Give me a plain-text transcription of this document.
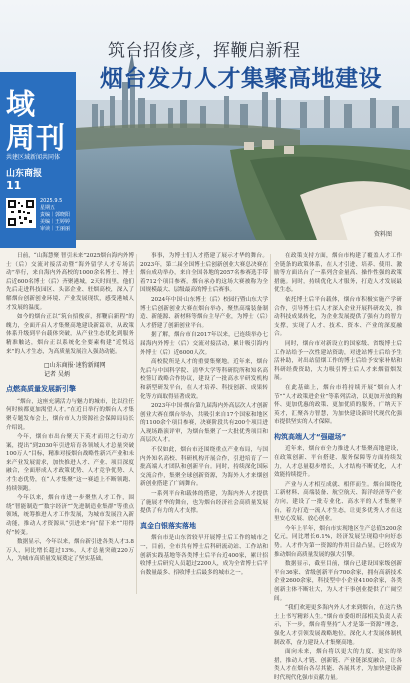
筑台招俊彦，挥鞭启新程
烟台发力人才集聚高地建设
资料图
域
周刊
共建区域新闻共同体
山东商报
11
2025.9.5
星期五
责编｜郭晓阳
美编｜王婷婷
审读｜王丽丽

日前，“山海慧聚 智引未来”2025烟台海内外博士（后）交流对接活动暨“海外留学人才专场活动”举行，来自海内外高校的1000余名博士、博士后近600名博士（后）齐聚港城，2天时间里，他们先后走进科技园区、头部企业、驻烟高校，深入了解烟台创新创业环境、产业发展现状，感受港城人才发展的温度。

如今的烟台正以“筑台招俊彦，挥鞭启新程”的魄力，全面开启人才集聚高地建设新篇章，从政策体系升级到平台载体突破，从产业生态优化到服务精准触达，烟台正以系统化全要素构建“近悦远来”的人才生态，为高质量发展注入强劲动能。

□山东商报·速豹新闻网
记者 吴炳
点燃高质量发展新引擎

“烟台，这座充满活力与魅力的城市，比以往任何时候都更加渴望人才。”在近日举行的烟台人才集聚专题发布会上，烟台市人力资源社会保障局局长介绍说。

今年，烟台市出台聚天下英才而用之行动方案，提出“到2030年引进培育各领域人才总量突破100万人”目标，精准对接烟台战略性新兴产业和未来产业发展需求，加快推进人才、产业、项目深度融合，全面形成人才政策优势、人才竞争优势、人才生态优势，在“人才集聚”这一赛道上不断领跑、持续领跑。

今年以来，烟台市进一步聚焦人才工作，围绕“智能制造”“数字经济”“先进制造业集群”等重点领域，统筹推进人才工作发展，为城市发展注入新动能，推动人才资源从“引进来”向“留下来”“用得好”转变。

数据显示，今年以来，烟台新引进各类人才3.8万人，同比增长超过13%，人才总量突破220万人，为城市高质量发展奠定了坚实基础。

事事，为博士们人才搭建了展示才华的舞台。2023年，第二届全国博士后创新创业大赛总决赛在烟台成功举办，来自全国各地的2057名参赛选手带着712个项目参赛，烟台承办的这场大赛被称为全国规模最大、层级最高的博士后赛事。

2024年中国·山东博士（后）校园行暨山东大学博士后创新创业大赛在烟台举办，聚焦高端装备制造、新能源、新材料等烟台主导产业，为博士（后）人才搭建了创新创业平台。

据了解，烟台市自2017年以来，已连续举办七届海内外博士（后）交流对接活动，累计吸引海内外博士（后）近6000人次。

高校院所是人才的重要集聚地。近年来，烟台先后与中国科学院、清华大学等科研院所和知名高校签订战略合作协议，建设了一批高水平研发机构和新型研发平台，在人才培养、科技创新、成果转化等方面取得显著成效。

2023年中国·烟台第九届海内外高层次人才创新创业大赛在烟台举办，共吸引来自17个国家和地区的1100余个项目参赛，决赛阶段共有200个项目进入现场路演评审，为烟台集聚了一大批优秀项目和高层次人才。

不仅如此，烟台市还围绕重点产业布局，与国内外知名高校、科研机构开展合作，引进培育了一批高端人才团队和创新平台。同时，持续深化国际交流合作，集聚全球创新资源，为海外人才来烟创新创业搭建了广阔舞台。

一系列平台和载体的搭建，为海内外人才提供了施展才华的舞台，也为烟台经济社会高质量发展提供了有力的人才支撑。

真金白银落实落地

烟台市是山东省较早开展博士后工作的城市之一，目前，全市共有博士后科研流动站、工作站和创新实践基地等各类博士后平台近400家，累计招收博士后研究人员超过2200人，成为全省博士后平台数量最多、招收博士后最多的城市之一。

在政策支持方面，烟台市构建了覆盖人才工作全链条的政策体系，在人才引进、培养、使用、激励等方面出台了一系列含金量高、操作性强的政策措施。同时，持续优化人才服务，打造人才发展最优生态。

依托博士后平台载体，烟台市积极实施产学研合作，引导博士后人才深入企业开展科研攻关，推动科技成果转化，为企业发展提供了强有力的智力支撑，实现了人才、技术、资本、产业的深度融合。

同时，烟台市对新设立的国家级、省级博士后工作站给予一次性建站资助，对进站博士后给予生活补助，对出站留烟工作的博士后给予安家补贴和科研经费资助，大力吸引博士后人才来烟留烟发展。

在此基础上，烟台市将持续开展“烟台人才节”“人才政策进企业”等系列活动，以更加开放的胸怀、更加优惠的政策、更加优质的服务，广纳天下英才，汇聚各方智慧，为加快建设新时代现代化强市提供坚实的人才保障。

构筑高端人才“强磁场”

近年来，烟台市全力推进人才集聚高地建设，在政策创新、平台搭建、服务保障等方面持续发力，人才总量稳步增长，人才结构不断优化，人才效能持续提升。

产业与人才相互成就、相伴而生。烟台围绕化工新材料、高端装备、航空航天、海洋经济等产业方向，建设了一批专业化、高水平的人才集聚平台，着力打造一流人才生态，让更多优秀人才在这里安心发展、放心创业。

今年上半年，烟台市实现地区生产总值5200余亿元，同比增长6.1%，经济发展呈现稳中向好态势。人才作为第一资源的作用日益凸显，已经成为推动烟台高质量发展的强大引擎。

数据显示，截至目前，烟台已建设国家级创新平台36家、省级创新平台700余家，拥有高新技术企业2600余家，科技型中小企业4100余家，各类创新主体不断壮大，为人才干事创业提供了广阔空间。

“我们欢迎更多海内外人才来到烟台，在这片热土上书写精彩人生。”烟台市委组织部相关负责人表示，下一步，烟台将坚持“人才是第一资源”理念，强化人才引领发展战略地位，深化人才发展体制机制改革，奋力建设人才集聚高地。

面向未来，烟台将以更大的力度、更实的举措，推动人才链、创新链、产业链深度融合，让各类人才在烟台各尽其能、各展其才，为加快建设新时代现代化强市贡献力量。
